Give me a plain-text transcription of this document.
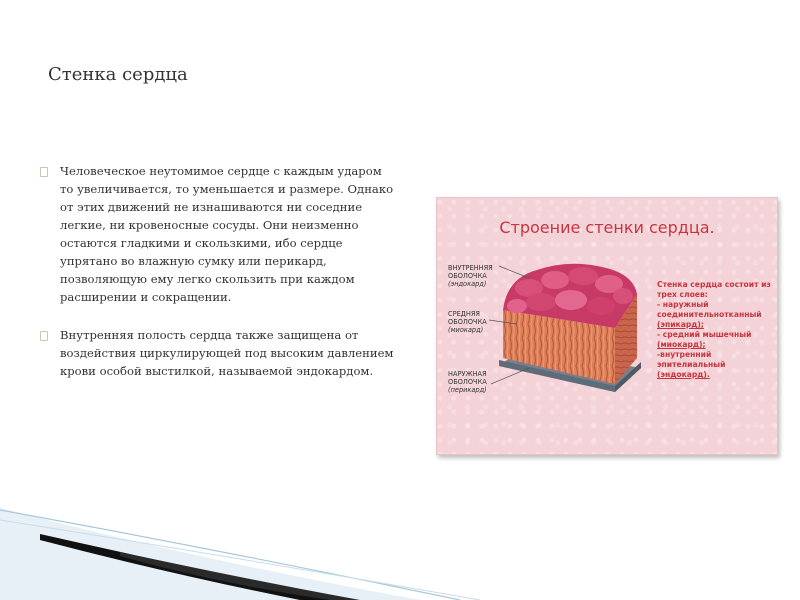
Стенка сердца
Человеческое неутомимое сердце с каждым ударом то увеличивается, то уменьшается и размере. Однако от этих движений не изнашиваются ни соседние легкие, ни кровеносные сосуды. Они неизменно остаются гладкими и скользкими, ибо сердце упрятано во влажную сумку или перикард, позволяющую ему легко скользить при каждом расширении и сокращении.
Внутренняя полость сердца также защищена от воздействия циркулирующей под высоким давлением крови особой выстилкой, называемой эндокардом.
Строение стенки сердца.
ВНУТРЕННЯЯ
ОБОЛОЧКА
(эндокард)
СРЕДНЯЯ
ОБОЛОЧКА
(миокард)
НАРУЖНАЯ
ОБОЛОЧКА
(перикард)
Стенка сердца состоит из
трех слоев:
- наружный
соединительнотканный
(эпикард);
- средний мышечный
(миокард);
-внутренний
эпителиальный
(эндокард).
